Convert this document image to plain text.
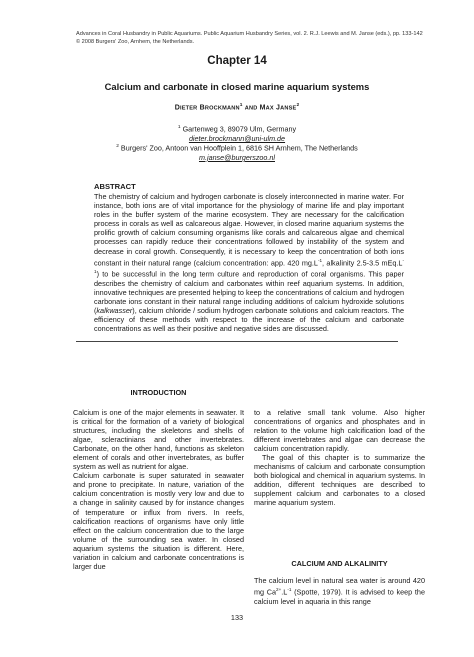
Advances in Coral Husbandry in Public Aquariums. Public Aquarium Husbandry Series, vol. 2. R.J. Leewis and M. Janse (eds.), pp. 133-142
© 2008 Burgers' Zoo, Arnhem, the Netherlands.
Chapter 14
Calcium and carbonate in closed marine aquarium systems
DIETER BROCKMANN$^1$ AND MAX JANSE$^2$
$^1$ Gartenweg 3, 89079 Ulm, Germany
dieter.brockmann@uni-ulm.de
$^2$ Burgers' Zoo, Antoon van Hooffplein 1, 6816 SH Arnhem, The Netherlands
m.janse@burgerszoo.nl
ABSTRACT
The chemistry of calcium and hydrogen carbonate is closely interconnected in marine water. For instance, both ions are of vital importance for the physiology of marine life and play important roles in the buffer system of the marine ecosystem. They are necessary for the calcification process in corals as well as calcareous algae. However, in closed marine aquarium systems the prolific growth of calcium consuming organisms like corals and calcareous algae and chemical processes can rapidly reduce their concentrations followed by instability of the system and decrease in coral growth. Consequently, it is necessary to keep the concentration of both ions constant in their natural range (calcium concentration: app. 420 $mg.L^{-1}$, alkalinity 2.5-3.5 $mEq.L^{-1}$) to be successful in the long term culture and reproduction of coral organisms. This paper describes the chemistry of calcium and carbonates within reef aquarium systems. In addition, innovative techniques are presented helping to keep the concentrations of calcium and hydrogen carbonate ions constant in their natural range including additions of calcium hydroxide solutions (kalkwasser), calcium chloride / sodium hydrogen carbonate solutions and calcium reactors. The efficiency of these methods with respect to the increase of the calcium and carbonate concentrations as well as their positive and negative sides are discussed.
INTRODUCTION

Calcium is one of the major elements in seawater. It is critical for the formation of a variety of biological structures, including the skeletons and shells of algae, scleractinians and other invertebrates. Carbonate, on the other hand, functions as skeleton element of corals and other invertebrates, as buffer system as well as nutrient for algae.

Calcium carbonate is super saturated in seawater and prone to precipitate. In nature, variation of the calcium concentration is mostly very low and due to a change in salinity caused by for instance changes of temperature or influx from rivers. In reefs, calcification reactions of organisms have only little effect on the calcium concentration due to the large volume of the surrounding sea water. In closed aquarium systems the situation is different. Here, variation in calcium and carbonate concentrations is larger due

to a relative small tank volume. Also higher concentrations of organics and phosphates and in relation to the volume high calcification load of the different invertebrates and algae can decrease the calcium concentration rapidly.

The goal of this chapter is to summarize the mechanisms of calcium and carbonate consumption both biological and chemical in aquarium systems. In addition, different techniques are described to supplement calcium and carbonates to a closed marine aquarium system.

CALCIUM AND ALKALINITY

The calcium level in natural sea water is around 420 mg $Ca^{2+}.L^{-1}$ (Spotte, 1979). It is advised to keep the calcium level in aquaria in this range

133
